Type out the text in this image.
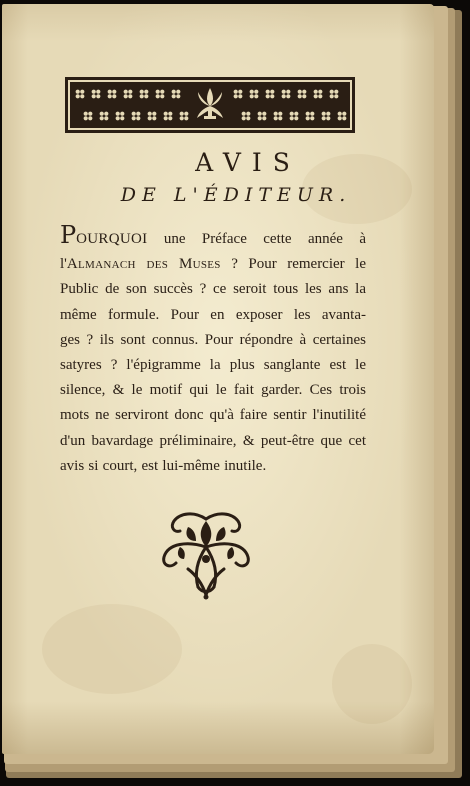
AVIS
DE L'ÉDITEUR.
POURQUOI une Préface cette année à
l'Almanach des Muses ? Pour remercier le
Public de son succès ? ce seroit tous les ans la
même formule. Pour en exposer les avanta-
ges ? ils sont connus. Pour répondre à certaines
satyres ? l'épigramme la plus sanglante est le
silence, & le motif qui le fait garder. Ces trois
mots ne serviront donc qu'à faire sentir l'inutilité
d'un bavardage préliminaire, & peut-être que cet
avis si court, est lui-même inutile.
